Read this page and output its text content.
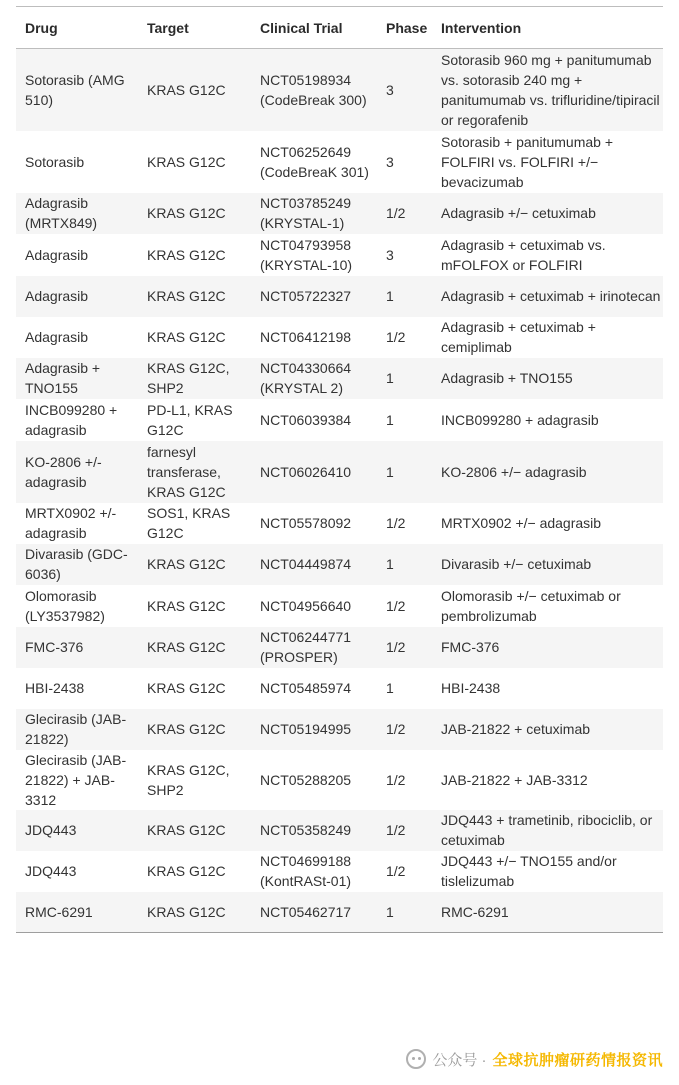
Drug	Target	Clinical Trial	Phase	Intervention
Sotorasib (AMG 510)	KRAS G12C	NCT05198934 (CodeBreak 300)	3	Sotorasib 960 mg + panitumumab vs. sotorasib 240 mg + panitumumab vs. trifluridine/tipiracil or regorafenib
Sotorasib	KRAS G12C	NCT06252649 (CodeBreaK 301)	3	Sotorasib + panitumumab + FOLFIRI vs. FOLFIRI +/− bevacizumab
Adagrasib (MRTX849)	KRAS G12C	NCT03785249 (KRYSTAL-1)	1/2	Adagrasib +/− cetuximab
Adagrasib	KRAS G12C	NCT04793958 (KRYSTAL-10)	3	Adagrasib + cetuximab vs. mFOLFOX or FOLFIRI
Adagrasib	KRAS G12C	NCT05722327	1	Adagrasib + cetuximab + irinotecan
Adagrasib	KRAS G12C	NCT06412198	1/2	Adagrasib + cetuximab + cemiplimab
Adagrasib + TNO155	KRAS G12C, SHP2	NCT04330664 (KRYSTAL 2)	1	Adagrasib + TNO155
INCB099280 + adagrasib	PD-L1, KRAS G12C	NCT06039384	1	INCB099280 + adagrasib
KO-2806 +/- adagrasib	farnesyl transferase, KRAS G12C	NCT06026410	1	KO-2806 +/− adagrasib
MRTX0902 +/- adagrasib	SOS1, KRAS G12C	NCT05578092	1/2	MRTX0902 +/− adagrasib
Divarasib (GDC-6036)	KRAS G12C	NCT04449874	1	Divarasib +/− cetuximab
Olomorasib (LY3537982)	KRAS G12C	NCT04956640	1/2	Olomorasib +/− cetuximab or pembrolizumab
FMC-376	KRAS G12C	NCT06244771 (PROSPER)	1/2	FMC-376
HBI-2438	KRAS G12C	NCT05485974	1	HBI-2438
Glecirasib (JAB-21822)	KRAS G12C	NCT05194995	1/2	JAB-21822 + cetuximab
Glecirasib (JAB-21822) + JAB-3312	KRAS G12C, SHP2	NCT05288205	1/2	JAB-21822 + JAB-3312
JDQ443	KRAS G12C	NCT05358249	1/2	JDQ443 + trametinib, ribociclib, or cetuximab
JDQ443	KRAS G12C	NCT04699188 (KontRASt-01)	1/2	JDQ443 +/− TNO155 and/or tislelizumab
RMC-6291	KRAS G12C	NCT05462717	1	RMC-6291
公众号 · 全球抗肿瘤研药情报资讯
